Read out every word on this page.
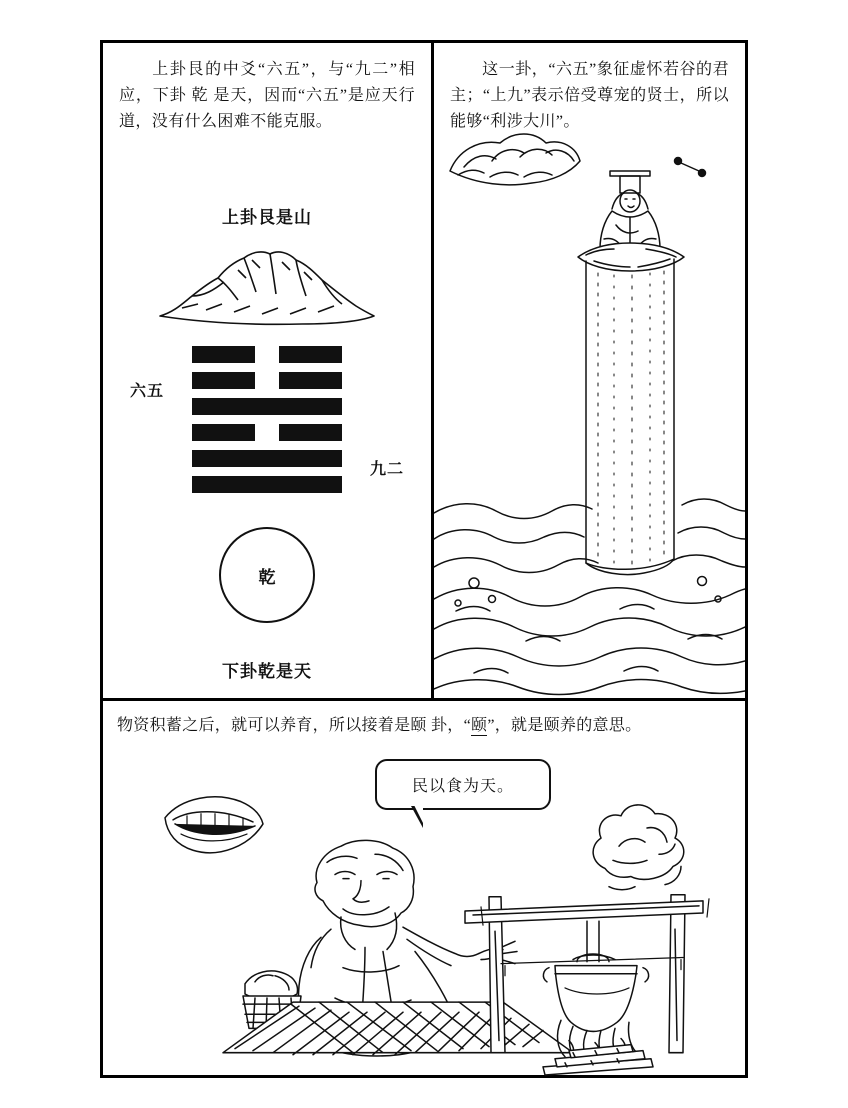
上卦艮的中爻“六五”，与“九二”相应，下卦 乾 是天，因而“六五”是应天行道，没有什么困难不能克服。
上卦艮是山
六五
九二
乾
下卦乾是天
这一卦，“六五”象征虚怀若谷的君主；“上九”表示倍受尊宠的贤士，所以能够“利涉大川”。
物资积蓄之后，就可以养育，所以接着是颐 卦，“颐”，就是颐养的意思。
民以食为天。
